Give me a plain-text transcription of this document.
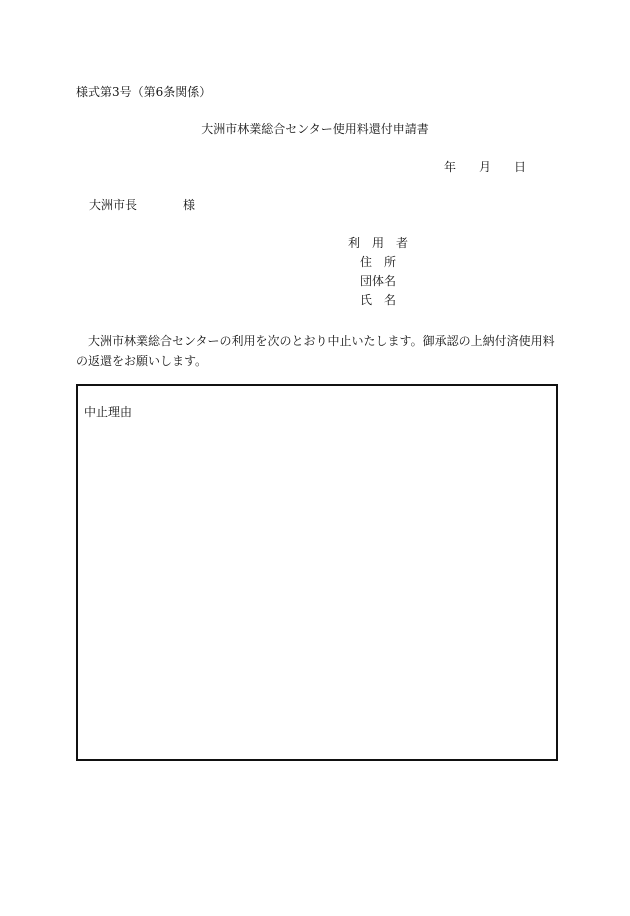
様式第3号（第6条関係）
大洲市林業総合センター使用料還付申請書
年 月 日
大洲市長	様
利　用　者
住　所
団体名
氏　名
大洲市林業総合センターの利用を次のとおり中止いたします。御承認の上納付済使用料の返還をお願いします。
中止理由
